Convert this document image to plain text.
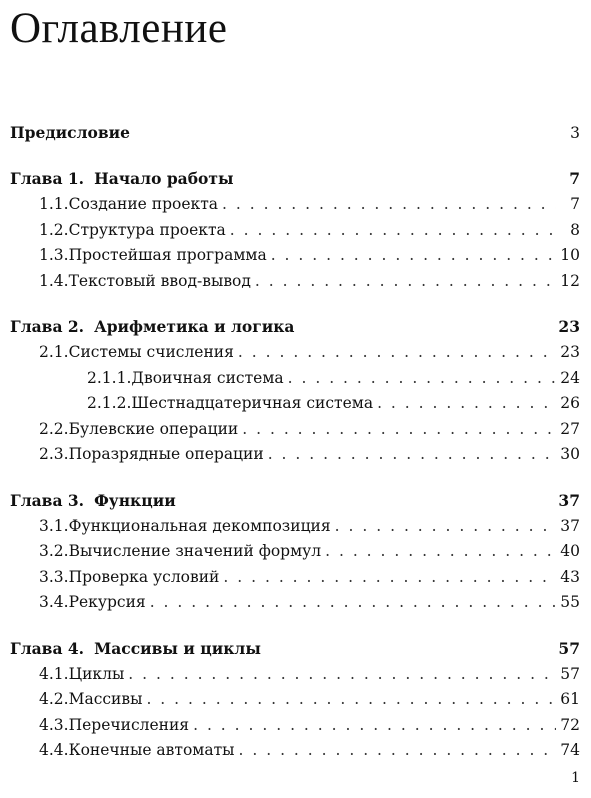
Оглавление
Предисловие	3
Глава 1. Начало работы	7
1.1. Создание проекта . . .	7
1.2. Структура проекта . . .	8
1.3. Простейшая программа . . .	10
1.4. Текстовый ввод-вывод . . .	12
Глава 2. Арифметика и логика	23
2.1. Системы счисления . . .	23
2.1.1. Двоичная система . . .	24
2.1.2. Шестнадцатеричная система . . .	26
2.2. Булевские операции . . .	27
2.3. Поразрядные операции . . .	30
Глава 3. Функции	37
3.1. Функциональная декомпозиция . . .	37
3.2. Вычисление значений формул . . .	40
3.3. Проверка условий . . .	43
3.4. Рекурсия . . .	55
Глава 4. Массивы и циклы	57
4.1. Циклы . . .	57
4.2. Массивы . . .	61
4.3. Перечисления . . .	72
4.4. Конечные автоматы . . .	74
1
